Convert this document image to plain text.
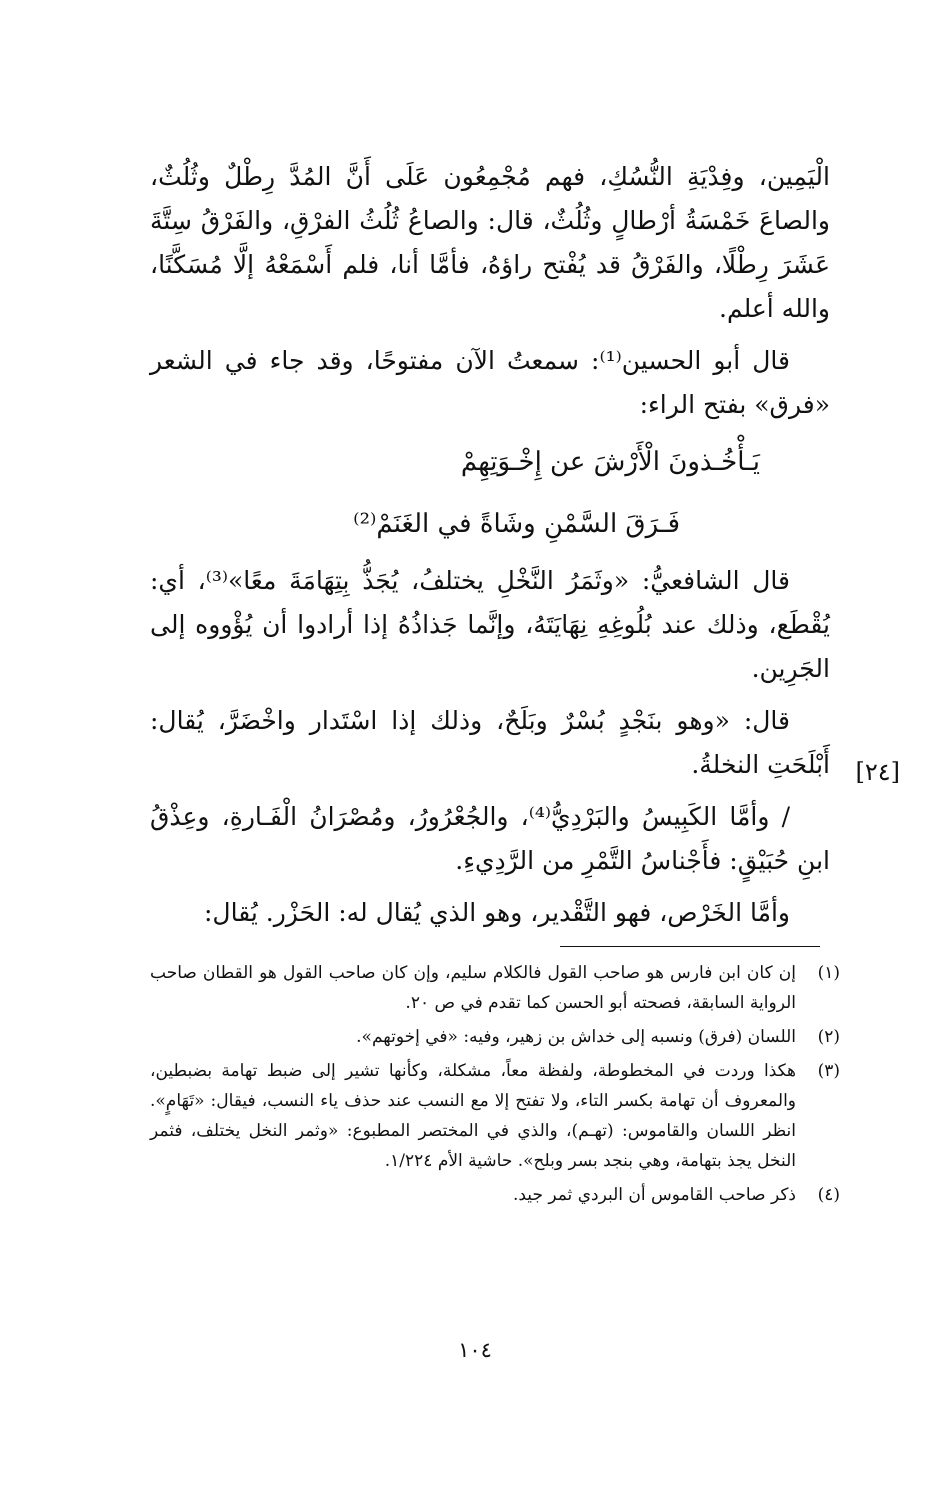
الْيَمِين، وفِدْيَةِ النُّسُكِ، فهم مُجْمِعُون عَلَى أَنَّ المُدَّ رِطْلٌ وثُلُثٌ، والصاعَ خَمْسَةُ أرْطالٍ وثُلُثٌ، قال: والصاعُ ثُلُثُ الفرْقِ، والفَرْقُ سِتَّةَ عَشَرَ رِطْلًا، والفَرْقُ قد يُفْتح راؤهُ، فأمَّا أنا، فلم أَسْمَعْهُ إلَّا مُسَكَّنًا، والله أعلم.

قال أبو الحسين⁽¹⁾: سمعتُ الآن مفتوحًا، وقد جاء في الشعر «فرق» بفتح الراء:

يَـأْخُـذونَ الْأَرْشَ عن إِخْـوَتِهِمْ

فَـرَقَ السَّمْنِ وشَاةً في الغَنَمْ⁽²⁾

قال الشافعيُّ: «وثَمَرُ النَّخْلِ يختلفُ، يُجَذُّ بِتِهَامَةَ معًا»⁽³⁾، أي: يُقْطَع، وذلك عند بُلُوغِهِ نِهَايَتَهُ، وإنَّما جَذاذُهُ إذا أرادوا أن يُؤْووه إلى الجَرِين.

قال: «وهو بنَجْدٍ بُسْرٌ وبَلَحٌ، وذلك إذا اسْتَدار واخْضَرَّ، يُقال: أَبْلَحَتِ النخلةُ.

/ وأمَّا الكَبِيسُ والبَرْدِيُّ⁽⁴⁾، والجُعْرُورُ، ومُصْرَانُ الْفَـارةِ، وعِذْقُ ابنِ حُبَيْقٍ: فأَجْناسُ التَّمْرِ من الرَّدِيءِ.

وأمَّا الخَرْص، فهو التَّقْدير، وهو الذي يُقال له: الحَزْر. يُقال:

[٢٤]
(١)
إن كان ابن فارس هو صاحب القول فالكلام سليم، وإن كان صاحب القول هو القطان صاحب الرواية السابقة، فصحته أبو الحسن كما تقدم في ص ٢٠.
(٢)
اللسان (فرق) ونسبه إلى خداش بن زهير، وفيه: «في إخوتهم».
(٣)
هكذا وردت في المخطوطة، ولفظة معاً، مشكلة، وكأنها تشير إلى ضبط تهامة بضبطين، والمعروف أن تهامة بكسر التاء، ولا تفتح إلا مع النسب عند حذف ياء النسب، فيقال: «تَهَامٍ». انظر اللسان والقاموس: (تهـم)، والذي في المختصر المطبوع: «وثمر النخل يختلف، فثمر النخل يجذ بتهامة، وهي بنجد بسر وبلح». حاشية الأم ١/٢٢٤.
(٤)
ذكر صاحب القاموس أن البردي ثمر جيد.
١٠٤
